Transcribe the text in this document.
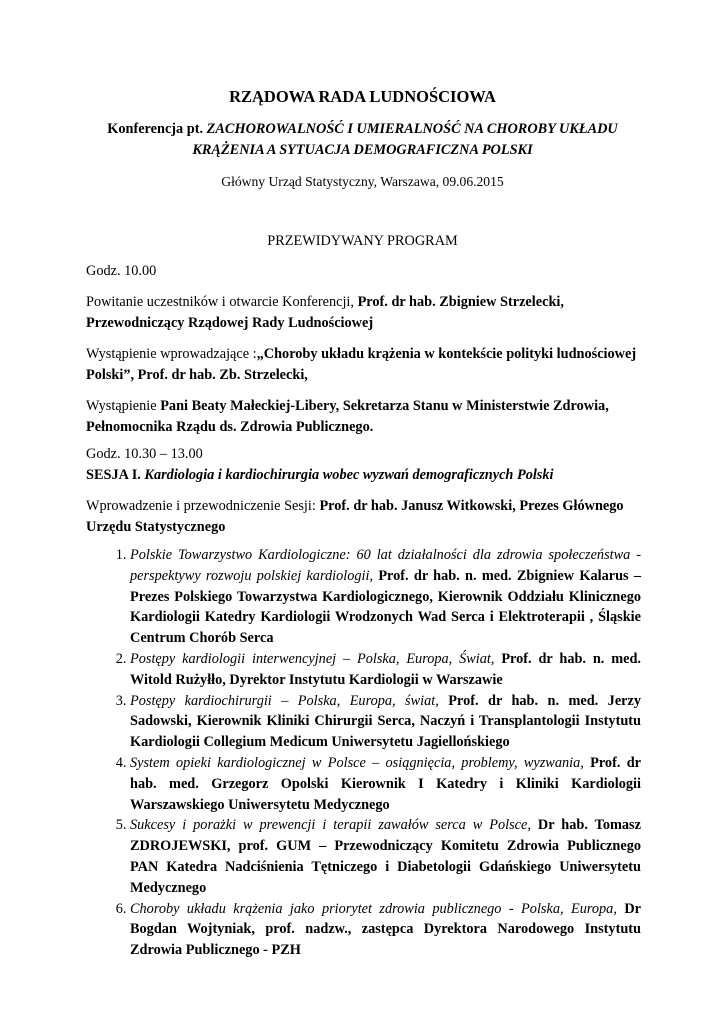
RZĄDOWA RADA LUDNOŚCIOWA
Konferencja pt. ZACHOROWALNOŚĆ I UMIERALNOŚĆ NA CHOROBY UKŁADU
KRĄŻENIA A SYTUACJA DEMOGRAFICZNA POLSKI
Główny Urząd Statystyczny, Warszawa, 09.06.2015
PRZEWIDYWANY PROGRAM

Godz. 10.00

Powitanie uczestników i otwarcie Konferencji, Prof. dr hab. Zbigniew Strzelecki, Przewodniczący Rządowej Rady Ludnościowej

Wystąpienie wprowadzające :„Choroby układu krążenia w kontekście polityki ludnościowej Polski”, Prof. dr hab. Zb. Strzelecki,

Wystąpienie Pani Beaty Małeckiej-Libery, Sekretarza Stanu w Ministerstwie Zdrowia, Pełnomocnika Rządu ds. Zdrowia Publicznego.

Godz. 10.30 – 13.00

SESJA I. Kardiologia i kardiochirurgia wobec wyzwań demograficznych Polski

Wprowadzenie i przewodniczenie Sesji: Prof. dr hab. Janusz Witkowski, Prezes Głównego Urzędu Statystycznego

1. Polskie Towarzystwo Kardiologiczne: 60 lat działalności dla zdrowia społeczeństwa - perspektywy rozwoju polskiej kardiologii, Prof. dr hab. n. med. Zbigniew Kalarus – Prezes Polskiego Towarzystwa Kardiologicznego, Kierownik Oddziału Klinicznego Kardiologii Katedry Kardiologii Wrodzonych Wad Serca i Elektroterapii , Śląskie Centrum Chorób Serca
2. Postępy kardiologii interwencyjnej – Polska, Europa, Świat, Prof. dr hab. n. med. Witold Rużyłło, Dyrektor Instytutu Kardiologii w Warszawie
3. Postępy kardiochirurgii – Polska, Europa, świat, Prof. dr hab. n. med. Jerzy Sadowski, Kierownik Kliniki Chirurgii Serca, Naczyń i Transplantologii Instytutu Kardiologii Collegium Medicum Uniwersytetu Jagiellońskiego
4. System opieki kardiologicznej w Polsce – osiągnięcia, problemy, wyzwania, Prof. dr hab. med. Grzegorz Opolski Kierownik I Katedry i Kliniki Kardiologii Warszawskiego Uniwersytetu Medycznego
5. Sukcesy i porażki w prewencji i terapii zawałów serca w Polsce, Dr hab. Tomasz ZDROJEWSKI, prof. GUM – Przewodniczący Komitetu Zdrowia Publicznego PAN Katedra Nadciśnienia Tętniczego i Diabetologii Gdańskiego Uniwersytetu Medycznego
6. Choroby układu krążenia jako priorytet zdrowia publicznego - Polska, Europa, Dr Bogdan Wojtyniak, prof. nadzw., zastępca Dyrektora Narodowego Instytutu Zdrowia Publicznego - PZH
